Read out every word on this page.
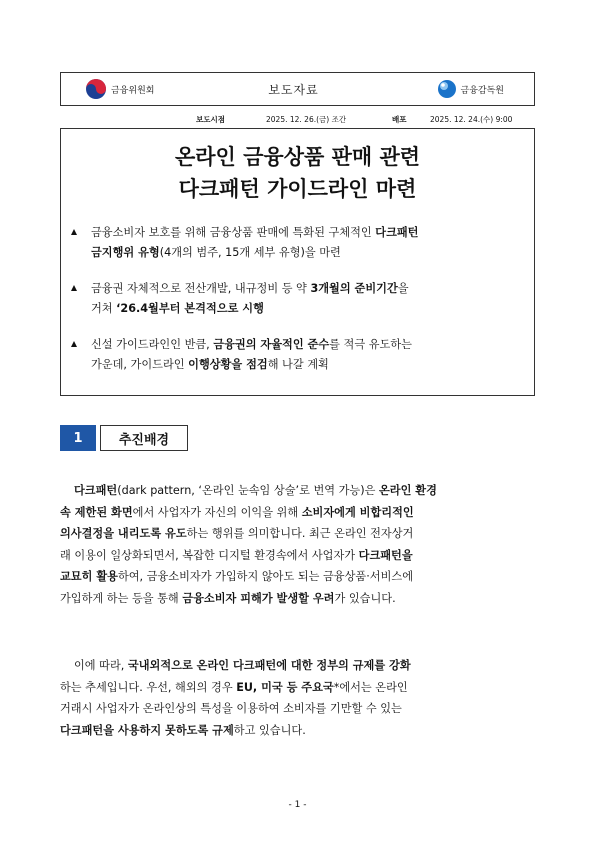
금융위원회	보도자료	금융감독원
보도시점	2025. 12. 26.(금) 조간	배포	2025. 12. 24.(수) 9:00
온라인 금융상품 판매 관련
다크패턴 가이드라인 마련
금융소비자 보호를 위해 금융상품 판매에 특화된 구체적인 다크패턴
금지행위 유형(4개의 범주, 15개 세부 유형)을 마련
금융권 자체적으로 전산개발, 내규정비 등 약 3개월의 준비기간을
거쳐 ‘26.4월부터 본격적으로 시행
신설 가이드라인인 반큼, 금융권의 자율적인 준수를 적극 유도하는
가운데, 가이드라인 이행상황을 점검해 나갈 계획
1	추진배경
다크패턴(dark pattern, ‘온라인 눈속임 상술’로 번역 가능)은 온라인 환경
속 제한된 화면에서 사업자가 자신의 이익을 위해 소비자에게 비합리적인
의사결정을 내리도록 유도하는 행위를 의미합니다. 최근 온라인 전자상거
래 이용이 일상화되면서, 복잡한 디지털 환경속에서 사업자가 다크패턴을
교묘히 활용하여, 금융소비자가 가입하지 않아도 되는 금융상품·서비스에
가입하게 하는 등을 통해 금융소비자 피해가 발생할 우려가 있습니다.
이에 따라, 국내외적으로 온라인 다크패턴에 대한 정부의 규제를 강화
하는 추세입니다. 우선, 해외의 경우 EU, 미국 등 주요국*에서는 온라인
거래시 사업자가 온라인상의 특성을 이용하여 소비자를 기만할 수 있는
다크패턴을 사용하지 못하도록 규제하고 있습니다.
- 1 -
